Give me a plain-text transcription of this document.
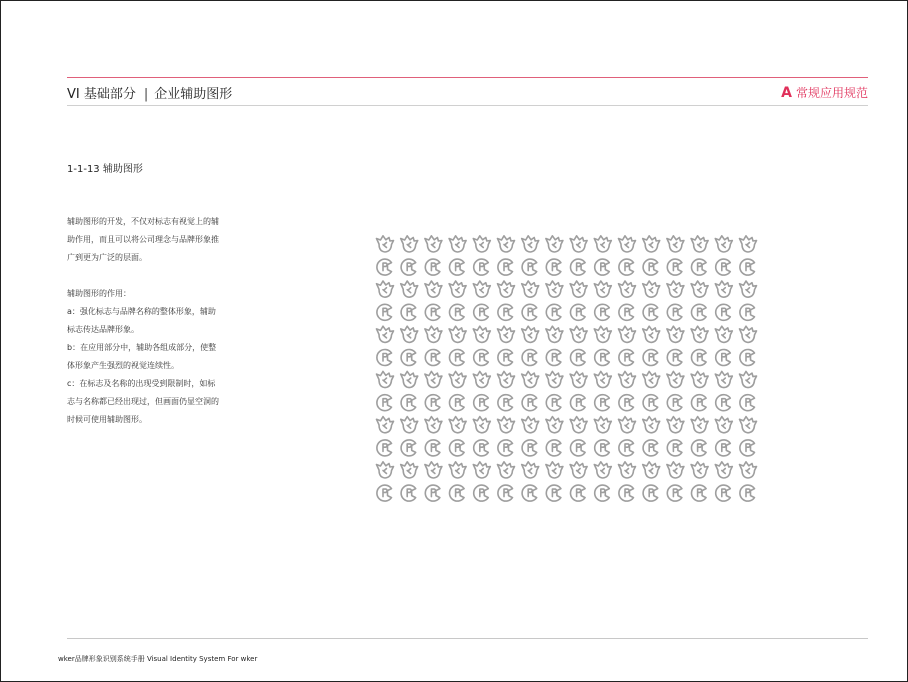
VI 基础部分 | 企业辅助图形	A 常规应用规范
1-1-13 辅助图形

辅助图形的开发，不仅对标志有视觉上的辅

助作用，而且可以将公司理念与品牌形象推

广到更为广泛的层面。

辅助图形的作用：

a：强化标志与品牌名称的整体形象，辅助

标志传达品牌形象。

b：在应用部分中，辅助各组成部分，使整

体形象产生强烈的视觉连续性。

c：在标志及名称的出现受到限制时，如标

志与名称都已经出现过，但画面仍显空洞的

时候可使用辅助图形。

wker品牌形象识别系统手册 Visual Identity System For wker
